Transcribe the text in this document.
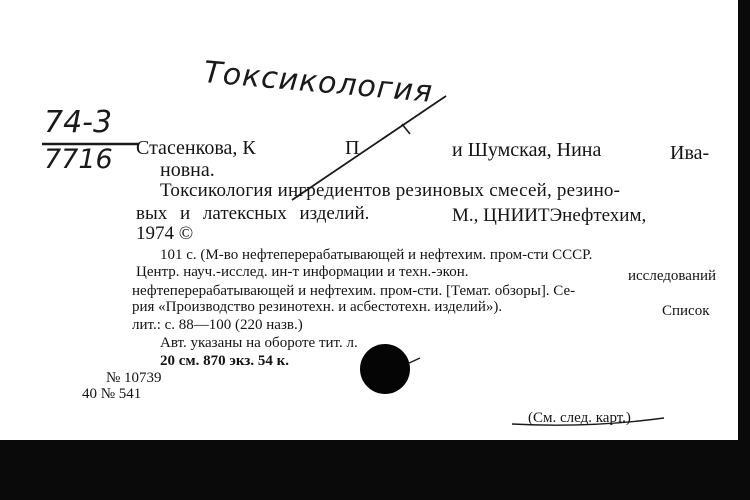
Токсикология
74-3
7716 Стасенкова, К	П	и Шумская, Нина	Ива-
новна.
Токсикология ингредиентов резиновых смесей, резино-
вых и латексных изделий.	М., ЦНИИТЭнефтехим,
1974 ©
101 с. (М-во нефтеперерабатывающей и нефтехим. пром-сти СССР.
Центр. науч.-исслед. ин-т информации и техн.-экон.	исследований
нефтеперерабатывающей и нефтехим. пром-сти. [Темат. обзоры]. Се-
рия «Производство резинотехн. и асбестотехн. изделий»).	Список
лит.: с. 88—100 (220 назв.)
Авт. указаны на обороте тит. л.
20 см. 870 экз. 54 к.
№ 10739
40 № 541
(См. след. карт.)
